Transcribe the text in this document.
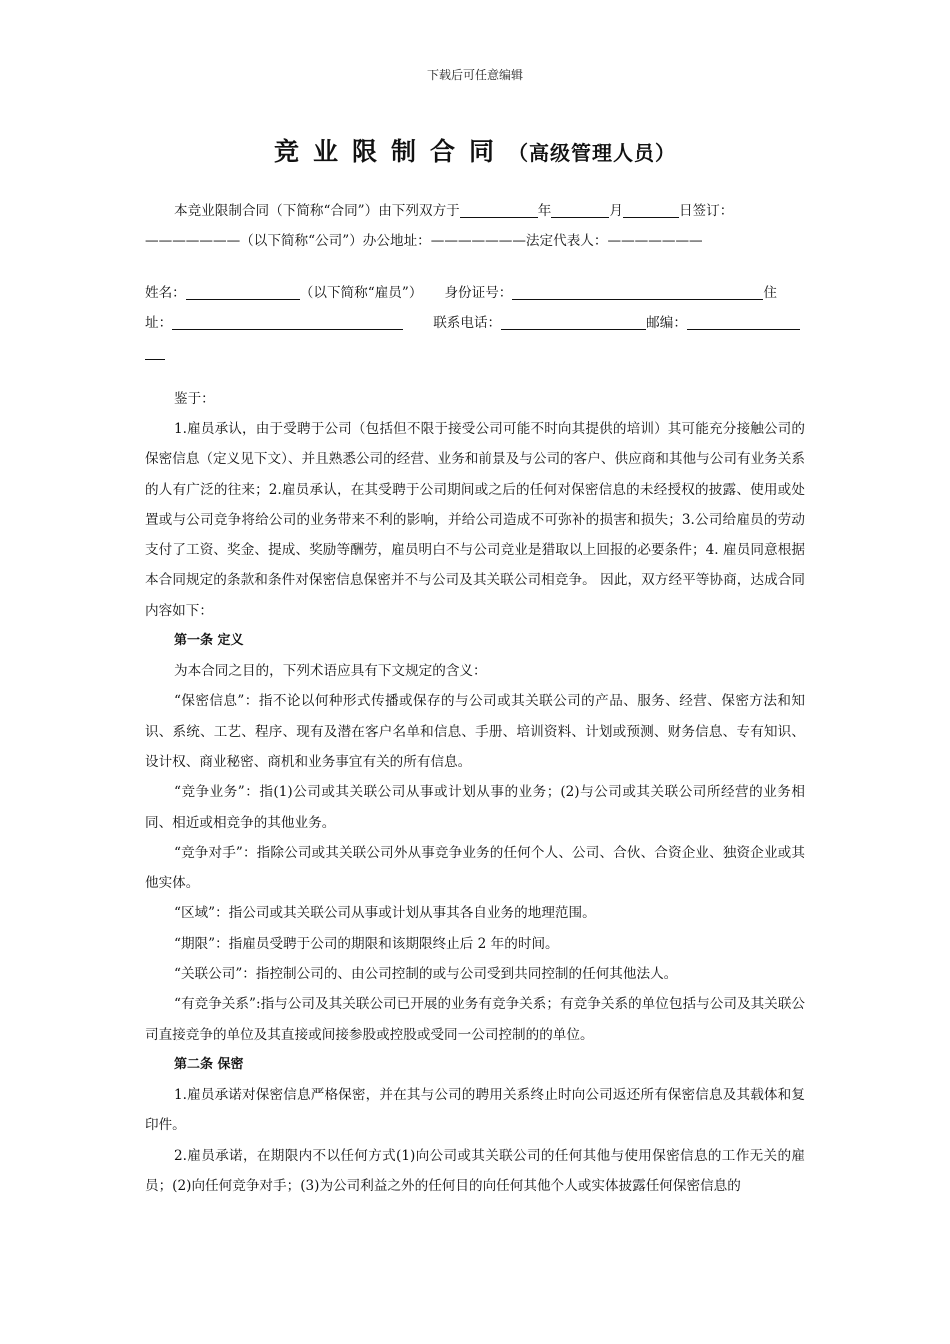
下载后可任意编辑
竞业限制合同（高级管理人员）
本竞业限制合同（下简称“合同”）由下列双方于	年	月	日签订：
———————（以下简称“公司”）办公地址：———————法定代表人：———————
姓名：	（以下简称“雇员”） 身份证号：	住
址：	联系电话：	邮编：
鉴于：
1.雇员承认，由于受聘于公司（包括但不限于接受公司可能不时向其提供的培训）其可能充分接触公司的保密信息（定义见下文）、并且熟悉公司的经营、业务和前景及与公司的客户、供应商和其他与公司有业务关系的人有广泛的往来；2.雇员承认，在其受聘于公司期间或之后的任何对保密信息的未经授权的披露、使用或处置或与公司竞争将给公司的业务带来不利的影响，并给公司造成不可弥补的损害和损失；3.公司给雇员的劳动支付了工资、奖金、提成、奖励等酬劳，雇员明白不与公司竞业是猎取以上回报的必要条件；4. 雇员同意根据本合同规定的条款和条件对保密信息保密并不与公司及其关联公司相竞争。 因此，双方经平等协商，达成合同内容如下：
第一条 定义
为本合同之目的，下列术语应具有下文规定的含义：
“保密信息”：指不论以何种形式传播或保存的与公司或其关联公司的产品、服务、经营、保密方法和知识、系统、工艺、程序、现有及潜在客户名单和信息、手册、培训资料、计划或预测、财务信息、专有知识、设计权、商业秘密、商机和业务事宜有关的所有信息。
“竞争业务”：指(1)公司或其关联公司从事或计划从事的业务；(2)与公司或其关联公司所经营的业务相同、相近或相竞争的其他业务。
“竞争对手”：指除公司或其关联公司外从事竞争业务的任何个人、公司、合伙、合资企业、独资企业或其他实体。
“区域”：指公司或其关联公司从事或计划从事其各自业务的地理范围。
“期限”：指雇员受聘于公司的期限和该期限终止后 2 年的时间。
“关联公司”：指控制公司的、由公司控制的或与公司受到共同控制的任何其他法人。
“有竞争关系”:指与公司及其关联公司已开展的业务有竞争关系；有竞争关系的单位包括与公司及其关联公司直接竞争的单位及其直接或间接参股或控股或受同一公司控制的的单位。
第二条 保密
1.雇员承诺对保密信息严格保密，并在其与公司的聘用关系终止时向公司返还所有保密信息及其载体和复印件。
2.雇员承诺，在期限内不以任何方式(1)向公司或其关联公司的任何其他与使用保密信息的工作无关的雇员；(2)向任何竞争对手；(3)为公司利益之外的任何目的向任何其他个人或实体披露任何保密信息的
